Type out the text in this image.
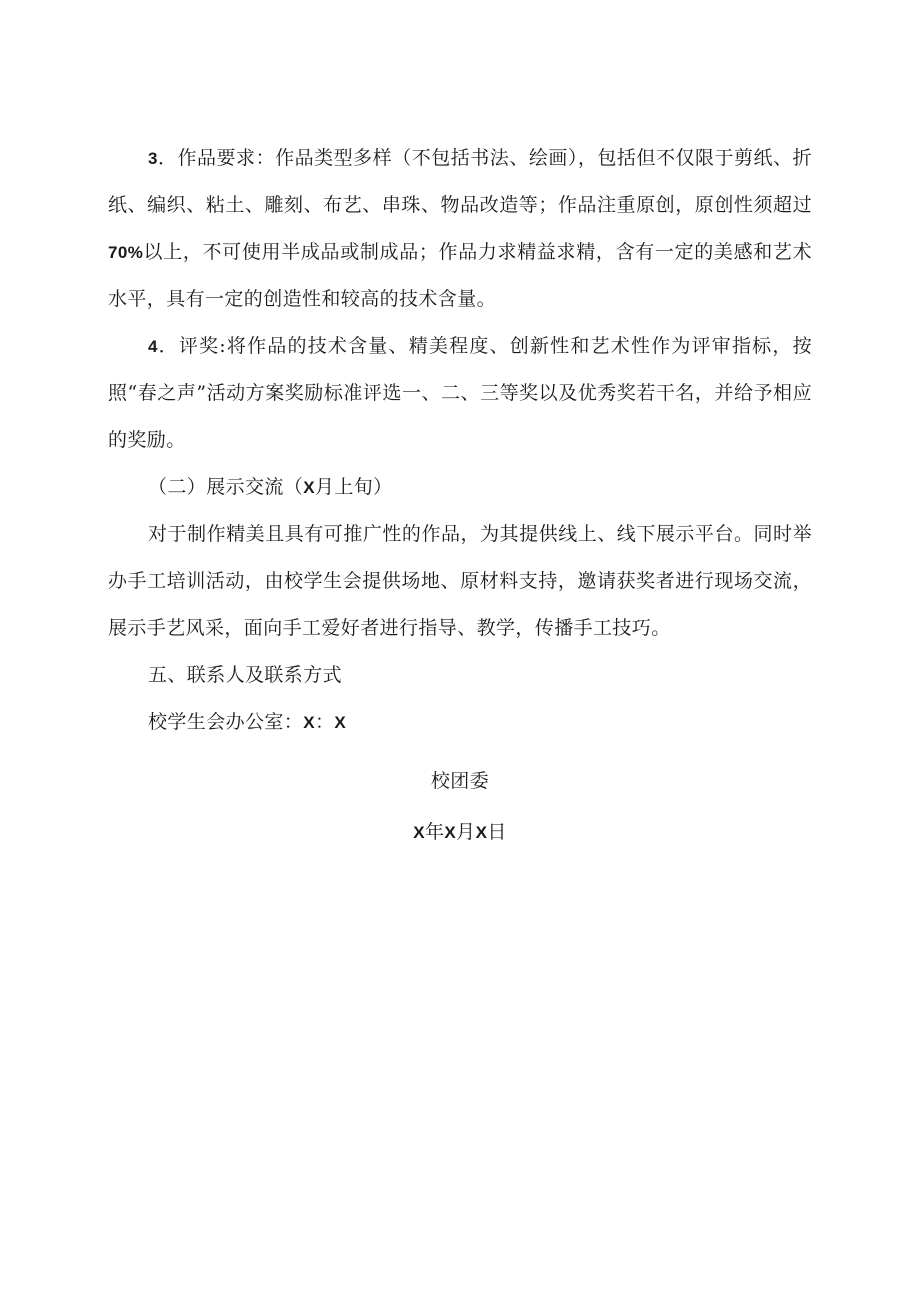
3．作品要求：作品类型多样（不包括书法、绘画），包括但不仅限于剪纸、折纸、编织、粘土、雕刻、布艺、串珠、物品改造等；作品注重原创，原创性须超过70%以上，不可使用半成品或制成品；作品力求精益求精，含有一定的美感和艺术水平，具有一定的创造性和较高的技术含量。

4．评奖:将作品的技术含量、精美程度、创新性和艺术性作为评审指标，按照“春之声”活动方案奖励标准评选一、二、三等奖以及优秀奖若干名，并给予相应的奖励。

（二）展示交流（X月上旬）

对于制作精美且具有可推广性的作品，为其提供线上、线下展示平台。同时举办手工培训活动，由校学生会提供场地、原材料支持，邀请获奖者进行现场交流，展示手艺风采，面向手工爱好者进行指导、教学，传播手工技巧。

五、联系人及联系方式

校学生会办公室：X：X

校团委

X年X月X日
